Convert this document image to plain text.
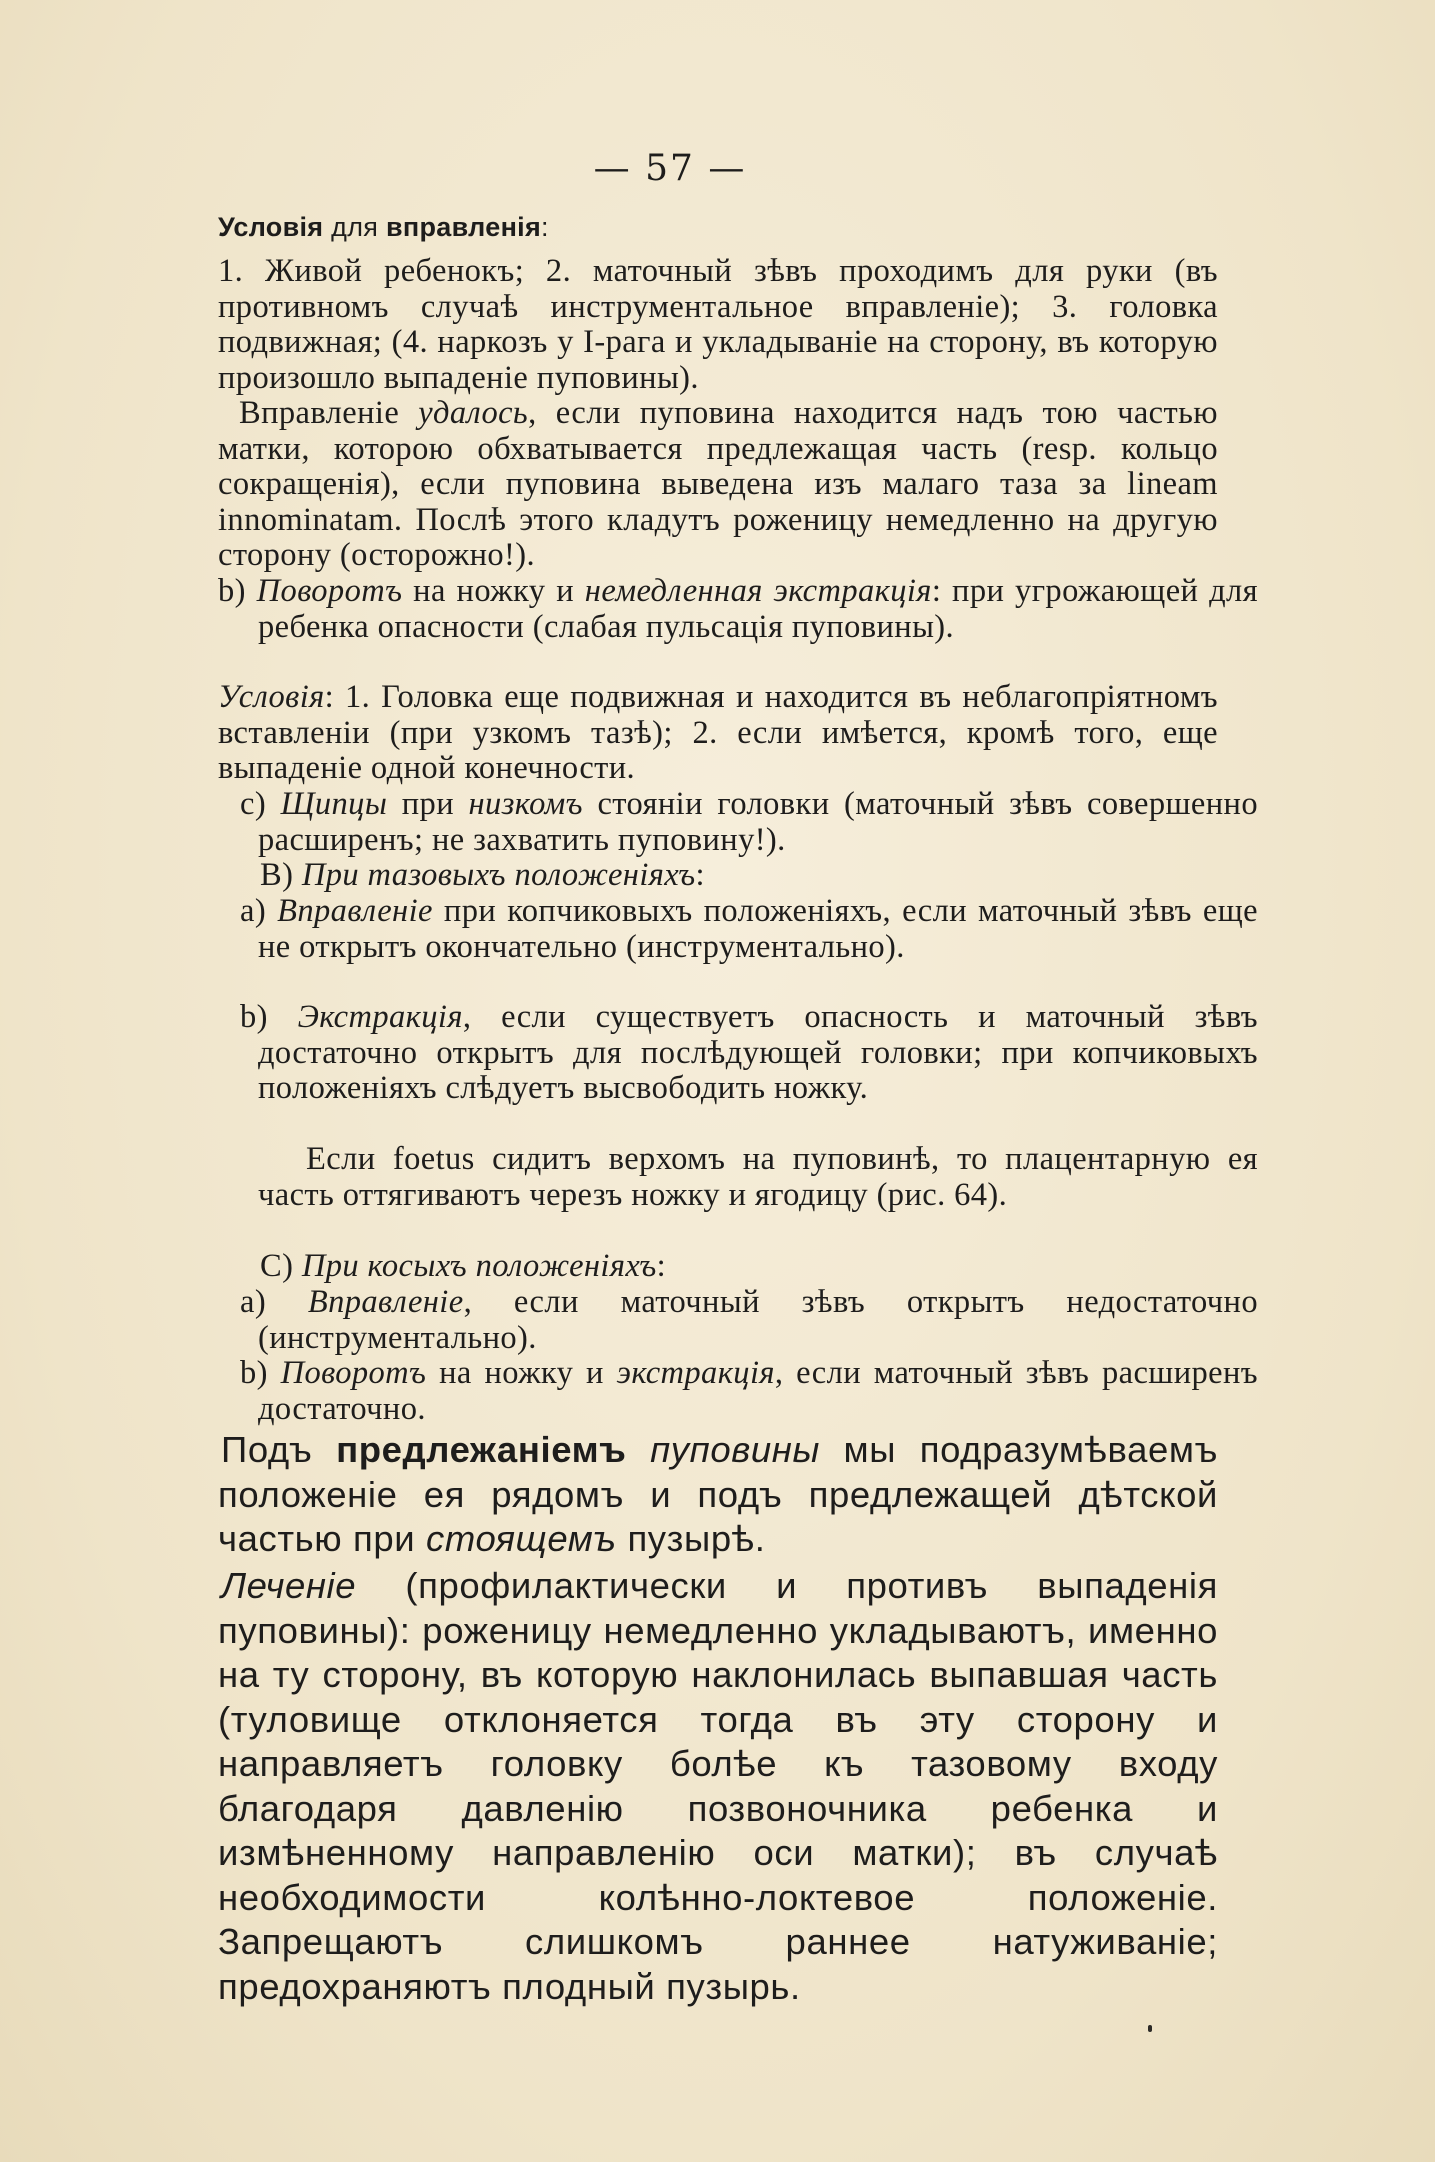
— 57 —
Условія для вправленія:

1. Живой ребенокъ; 2. маточный зѣвъ проходимъ для руки (въ противномъ случаѣ инструментальное вправленіе); 3. головка подвижная; (4. наркозъ у I-рага и укладываніе на сторону, въ которую произошло выпаденіе пуповины).

Вправленіе удалось, если пуповина находится надъ тою частью матки, которою обхватывается предлежащая часть (resp. кольцо сокращенія), если пуповина выведена изъ малаго таза за lineam innominatam. Послѣ этого кладутъ роженицу немедленно на другую сторону (осторожно!).

b) Поворотъ на ножку и немедленная экстракція: при угрожающей для ребенка опасности (слабая пульсація пуповины).

Условія: 1. Головка еще подвижная и находится въ неблагопріятномъ вставленіи (при узкомъ тазѣ); 2. если имѣется, кромѣ того, еще выпаденіе одной конечности.

c) Щипцы при низкомъ стояніи головки (маточный зѣвъ совершенно расширенъ; не захватить пуповину!).

B) При тазовыхъ положеніяхъ:

a) Вправленіе при копчиковыхъ положеніяхъ, если маточный зѣвъ еще не открытъ окончательно (инструментально).

b) Экстракція, если существуетъ опасность и маточный зѣвъ достаточно открытъ для послѣдующей головки; при копчиковыхъ положеніяхъ слѣдуетъ высвободить ножку.

Если foetus сидитъ верхомъ на пуповинѣ, то плацентарную ея часть оттягиваютъ черезъ ножку и ягодицу (рис. 64).

C) При косыхъ положеніяхъ:

a) Вправленіе, если маточный зѣвъ открытъ недостаточно (инструментально).

b) Поворотъ на ножку и экстракція, если маточный зѣвъ расширенъ достаточно.

Подъ предлежаніемъ пуповины мы подразумѣваемъ положеніе ея рядомъ и подъ предлежащей дѣтской частью при стоящемъ пузырѣ.

Леченіе (профилактически и противъ выпаденія пуповины): роженицу немедленно укладываютъ, именно на ту сторону, въ которую наклонилась выпавшая часть (туловище отклоняется тогда въ эту сторону и направляетъ головку болѣе къ тазовому входу благодаря давленію позвоночника ребенка и измѣненному направленію оси матки); въ случаѣ необходимости колѣнно-локтевое положеніе. Запрещаютъ слишкомъ раннее натуживаніе; предохраняютъ плодный пузырь.
